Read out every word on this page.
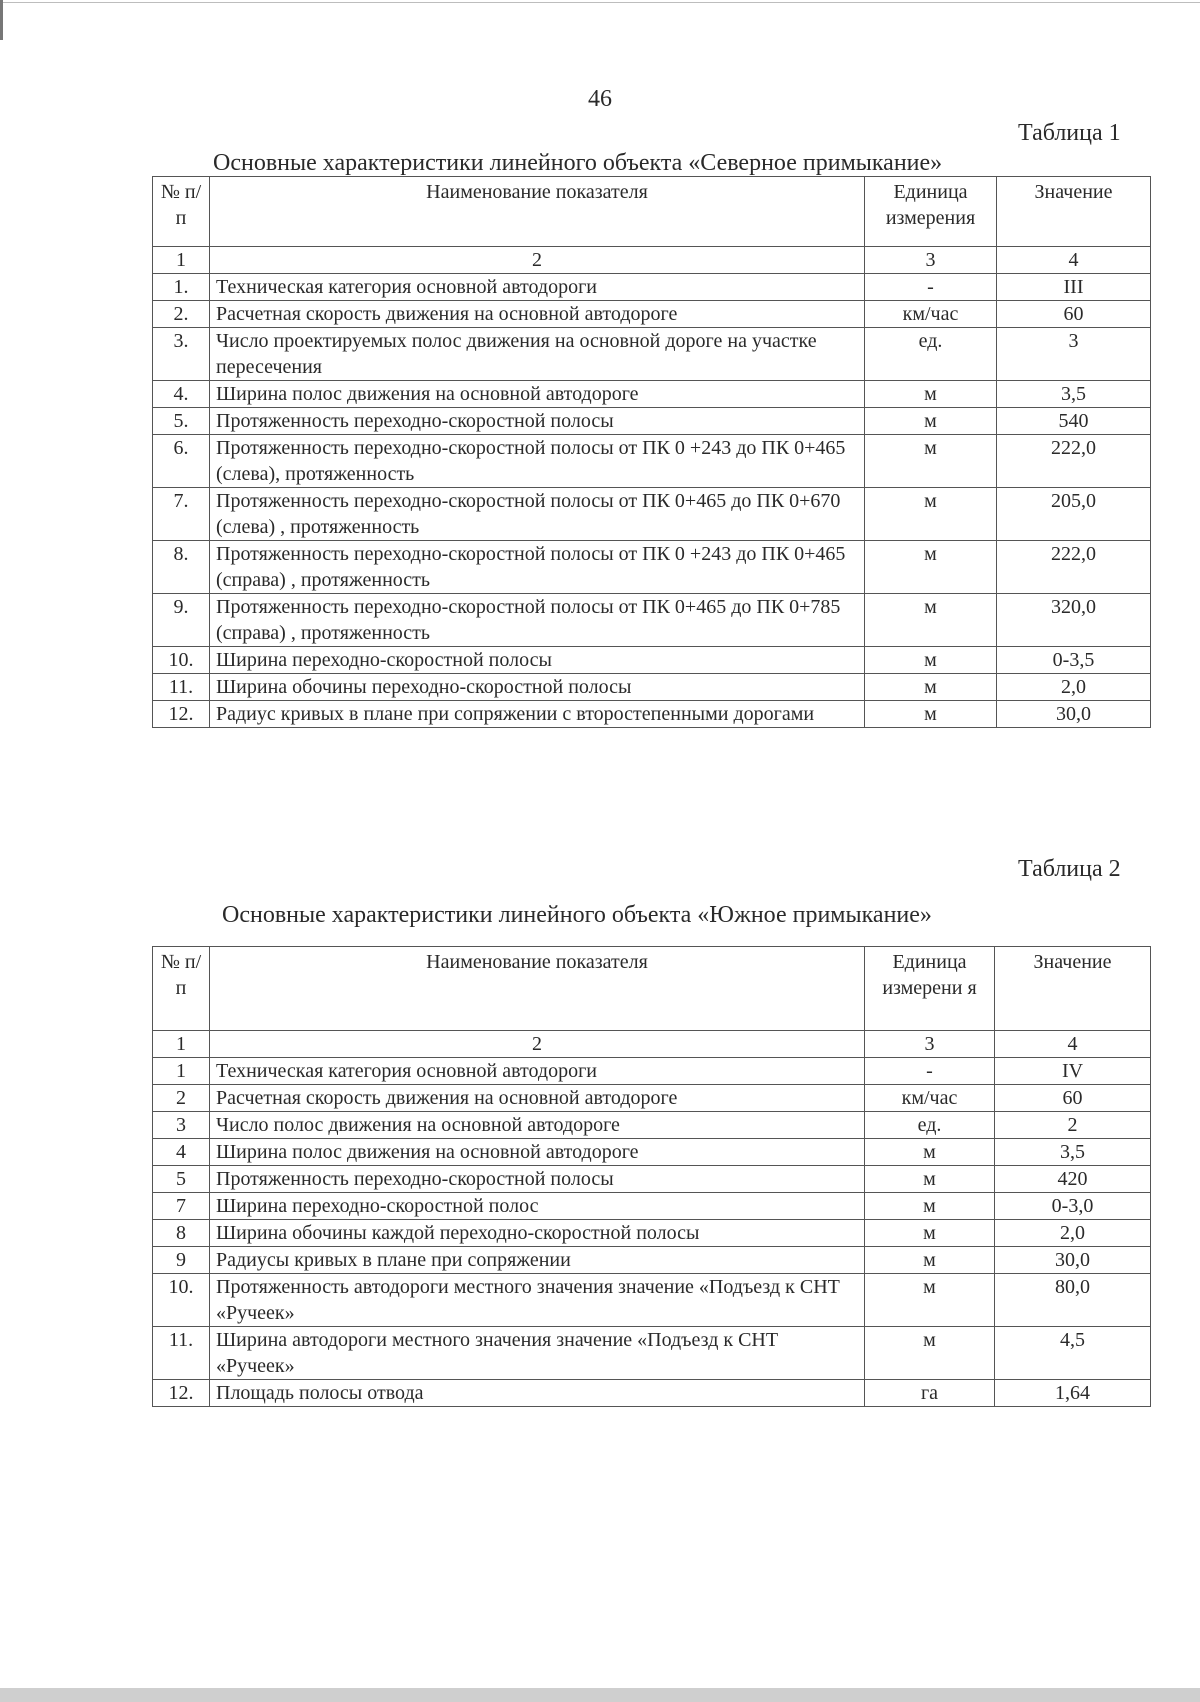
46
Таблица 1
Основные характеристики линейного объекта «Северное примыкание»
№ п/п	Наименование показателя	Единица измерения	Значение
1	2	3	4
1.	Техническая категория основной автодороги	-	III
2.	Расчетная скорость движения на основной автодороге	км/час	60
3.	Число проектируемых полос движения на основной дороге на участке пересечения	ед.	3
4.	Ширина полос движения на основной автодороге	м	3,5
5.	Протяженность переходно-скоростной полосы	м	540
6.	Протяженность переходно-скоростной полосы от ПК 0 +243 до ПК 0+465 (слева), протяженность	м	222,0
7.	Протяженность переходно-скоростной полосы от ПК 0+465 до ПК 0+670 (слева) , протяженность	м	205,0
8.	Протяженность переходно-скоростной полосы от ПК 0 +243 до ПК 0+465 (справа) , протяженность	м	222,0
9.	Протяженность переходно-скоростной полосы от ПК 0+465 до ПК 0+785 (справа) , протяженность	м	320,0
10.	Ширина переходно-скоростной полосы	м	0-3,5
11.	Ширина обочины переходно-скоростной полосы	м	2,0
12.	Радиус кривых в плане при сопряжении с второстепенными дорогами	м	30,0
Таблица 2
Основные характеристики линейного объекта «Южное примыкание»
№ п/п	Наименование показателя	Единица измерени я	Значение
1	2	3	4
1	Техническая категория основной автодороги	-	IV
2	Расчетная скорость движения на основной автодороге	км/час	60
3	Число полос движения на основной автодороге	ед.	2
4	Ширина полос движения на основной автодороге	м	3,5
5	Протяженность переходно-скоростной полосы	м	420
7	Ширина переходно-скоростной полос	м	0-3,0
8	Ширина обочины каждой переходно-скоростной полосы	м	2,0
9	Радиусы кривых в плане при сопряжении	м	30,0
10.	Протяженность автодороги местного значения значение «Подъезд к СНТ «Ручеек»	м	80,0
11.	Ширина автодороги местного значения значение «Подъезд к СНТ «Ручеек»	м	4,5
12.	Площадь полосы отвода	га	1,64
